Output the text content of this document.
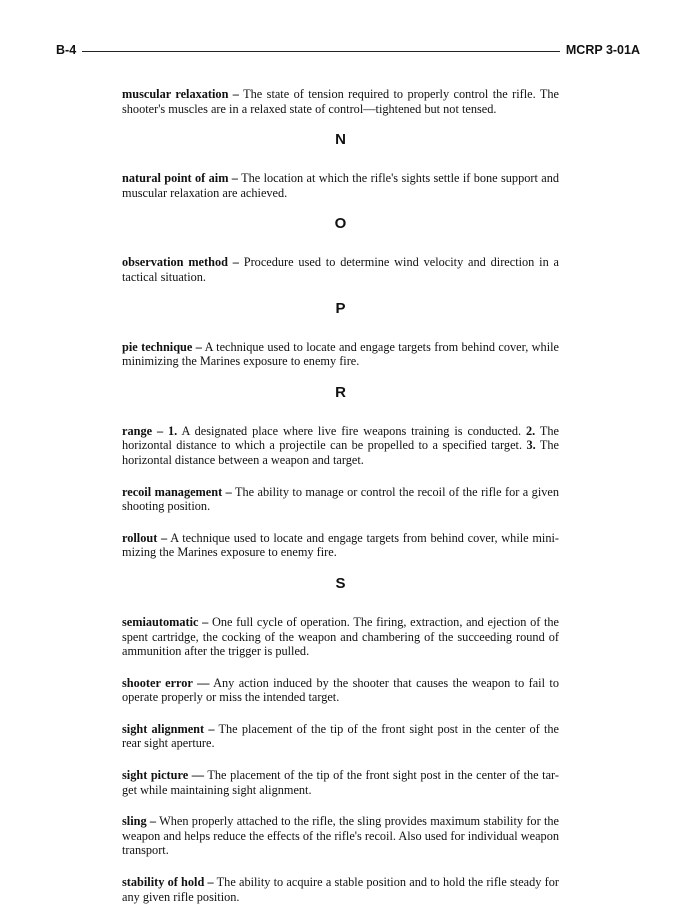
B-4	MCRP 3-01A

muscular relaxation – The state of tension required to properly control the rifle. The shooter's muscles are in a relaxed state of control—tightened but not tensed.

N

natural point of aim – The location at which the rifle's sights settle if bone support and muscular relaxation are achieved.

O

observation method – Procedure used to determine wind velocity and direction in a tactical situation.

P

pie technique – A technique used to locate and engage targets from behind cover, while minimizing the Marines exposure to enemy fire.

R

range – 1. A designated place where live fire weapons training is conducted. 2. The horizontal distance to which a projectile can be propelled to a specified target. 3. The horizontal distance between a weapon and target.

recoil management – The ability to manage or control the recoil of the rifle for a given shooting position.

rollout – A technique used to locate and engage targets from behind cover, while mini-mizing the Marines exposure to enemy fire.

S

semiautomatic – One full cycle of operation. The firing, extraction, and ejection of the spent cartridge, the cocking of the weapon and chambering of the succeeding round of ammunition after the trigger is pulled.

shooter error — Any action induced by the shooter that causes the weapon to fail to operate properly or miss the intended target.

sight alignment – The placement of the tip of the front sight post in the center of the rear sight aperture.

sight picture — The placement of the tip of the front sight post in the center of the tar-get while maintaining sight alignment.

sling – When properly attached to the rifle, the sling provides maximum stability for the weapon and helps reduce the effects of the rifle's recoil. Also used for individual weapon transport.

stability of hold – The ability to acquire a stable position and to hold the rifle steady for any given rifle position.
